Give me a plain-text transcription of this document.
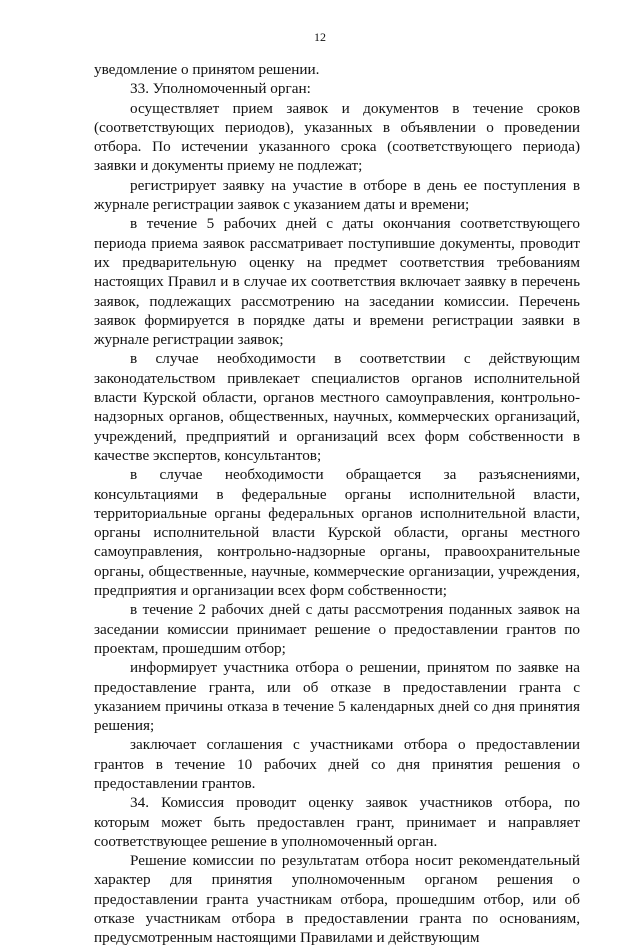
12

уведомление о принятом решении.

33. Уполномоченный орган:

осуществляет прием заявок и документов в течение сроков (соответствующих периодов), указанных в объявлении о проведении отбора. По истечении указанного срока (соответствующего периода) заявки и документы приему не подлежат;

регистрирует заявку на участие в отборе в день ее поступления в журнале регистрации заявок с указанием даты и времени;

в течение 5 рабочих дней с даты окончания соответствующего периода приема заявок рассматривает поступившие документы, проводит их предварительную оценку на предмет соответствия требованиям настоящих Правил и в случае их соответствия включает заявку в перечень заявок, подлежащих рассмотрению на заседании комиссии. Перечень заявок формируется в порядке даты и времени регистрации заявки в журнале регистрации заявок;

в случае необходимости в соответствии с действующим законодательством привлекает специалистов органов исполнительной власти Курской области, органов местного самоуправления, контрольно-надзорных органов, общественных, научных, коммерческих организаций, учреждений, предприятий и организаций всех форм собственности в качестве экспертов, консультантов;

в случае необходимости обращается за разъяснениями, консультациями в федеральные органы исполнительной власти, территориальные органы федеральных органов исполнительной власти, органы исполнительной власти Курской области, органы местного самоуправления, контрольно-надзорные органы, правоохранительные органы, общественные, научные, коммерческие организации, учреждения, предприятия и организации всех форм собственности;

в течение 2 рабочих дней с даты рассмотрения поданных заявок на заседании комиссии принимает решение о предоставлении грантов по проектам, прошедшим отбор;

информирует участника отбора о решении, принятом по заявке на предоставление гранта, или об отказе в предоставлении гранта с указанием причины отказа в течение 5 календарных дней со дня принятия решения;

заключает соглашения с участниками отбора о предоставлении грантов в течение 10 рабочих дней со дня принятия решения о предоставлении грантов.

34. Комиссия проводит оценку заявок участников отбора, по которым может быть предоставлен грант, принимает и направляет соответствующее решение в уполномоченный орган.

Решение комиссии по результатам отбора носит рекомендательный характер для принятия уполномоченным органом решения о предоставлении гранта участникам отбора, прошедшим отбор, или об отказе участникам отбора в предоставлении гранта по основаниям, предусмотренным настоящими Правилами и действующим
